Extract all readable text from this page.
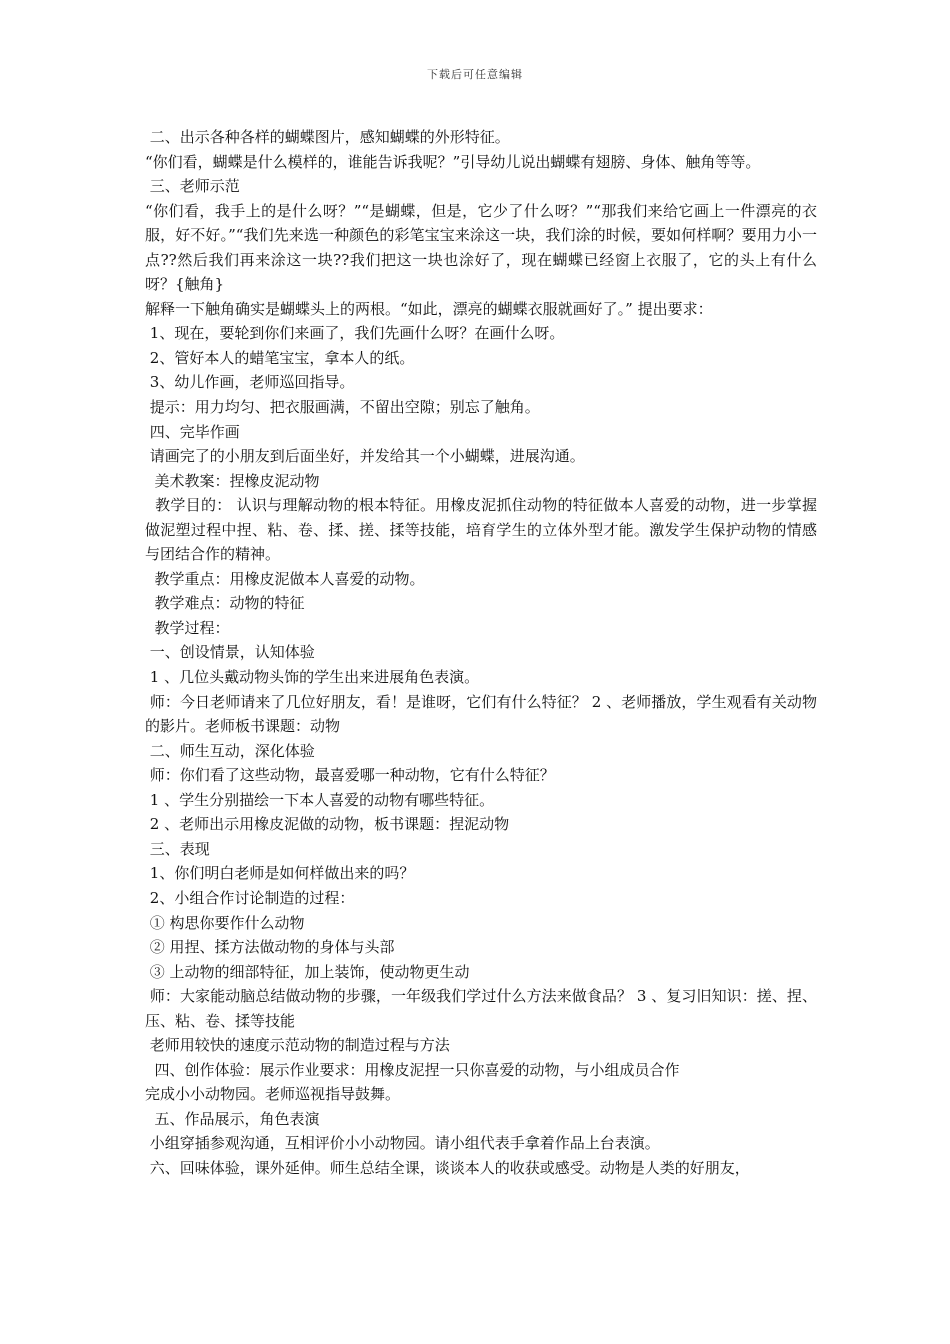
下载后可任意编辑

二、出示各种各样的蝴蝶图片，感知蝴蝶的外形特征。

“你们看，蝴蝶是什么模样的，谁能告诉我呢？”引导幼儿说出蝴蝶有翅膀、身体、触角等等。

三、老师示范

“你们看，我手上的是什么呀？”“是蝴蝶，但是，它少了什么呀？”“那我们来给它画上一件漂亮的衣服，好不好。”“我们先来选一种颜色的彩笔宝宝来涂这一块，我们涂的时候，要如何样啊？要用力小一点??然后我们再来涂这一块??我们把这一块也涂好了，现在蝴蝶已经窗上衣服了，它的头上有什么呀？{触角}

解释一下触角确实是蝴蝶头上的两根。“如此，漂亮的蝴蝶衣服就画好了。” 提出要求：

1、现在，要轮到你们来画了，我们先画什么呀？在画什么呀。

2、管好本人的蜡笔宝宝，拿本人的纸。

3、幼儿作画，老师巡回指导。

提示：用力均匀、把衣服画满，不留出空隙；别忘了触角。

四、完毕作画

请画完了的小朋友到后面坐好，并发给其一个小蝴蝶，进展沟通。

美术教案：捏橡皮泥动物

教学目的： 认识与理解动物的根本特征。用橡皮泥抓住动物的特征做本人喜爱的动物，进一步掌握做泥塑过程中捏、粘、卷、揉、搓、揉等技能，培育学生的立体外型才能。激发学生保护动物的情感与团结合作的精神。

教学重点：用橡皮泥做本人喜爱的动物。

教学难点：动物的特征

教学过程：

一、创设情景，认知体验

1 、几位头戴动物头饰的学生出来进展角色表演。

师：今日老师请来了几位好朋友，看！是谁呀，它们有什么特征？ 2 、老师播放，学生观看有关动物的影片。老师板书课题：动物

二、师生互动，深化体验

师：你们看了这些动物，最喜爱哪一种动物，它有什么特征？

1 、学生分别描绘一下本人喜爱的动物有哪些特征。

2 、老师出示用橡皮泥做的动物，板书课题：捏泥动物

三、表现

1、你们明白老师是如何样做出来的吗？

2、小组合作讨论制造的过程：

① 构思你要作什么动物

② 用捏、揉方法做动物的身体与头部

③ 上动物的细部特征，加上装饰，使动物更生动

师：大家能动脑总结做动物的步骤，一年级我们学过什么方法来做食品？ 3 、复习旧知识：搓、捏、压、粘、卷、揉等技能

老师用较快的速度示范动物的制造过程与方法

四、创作体验：展示作业要求：用橡皮泥捏一只你喜爱的动物，与小组成员合作

完成小小动物园。老师巡视指导鼓舞。

五、作品展示，角色表演

小组穿插参观沟通，互相评价小小动物园。请小组代表手拿着作品上台表演。

六、回味体验，课外延伸。师生总结全课，谈谈本人的收获或感受。动物是人类的好朋友，
